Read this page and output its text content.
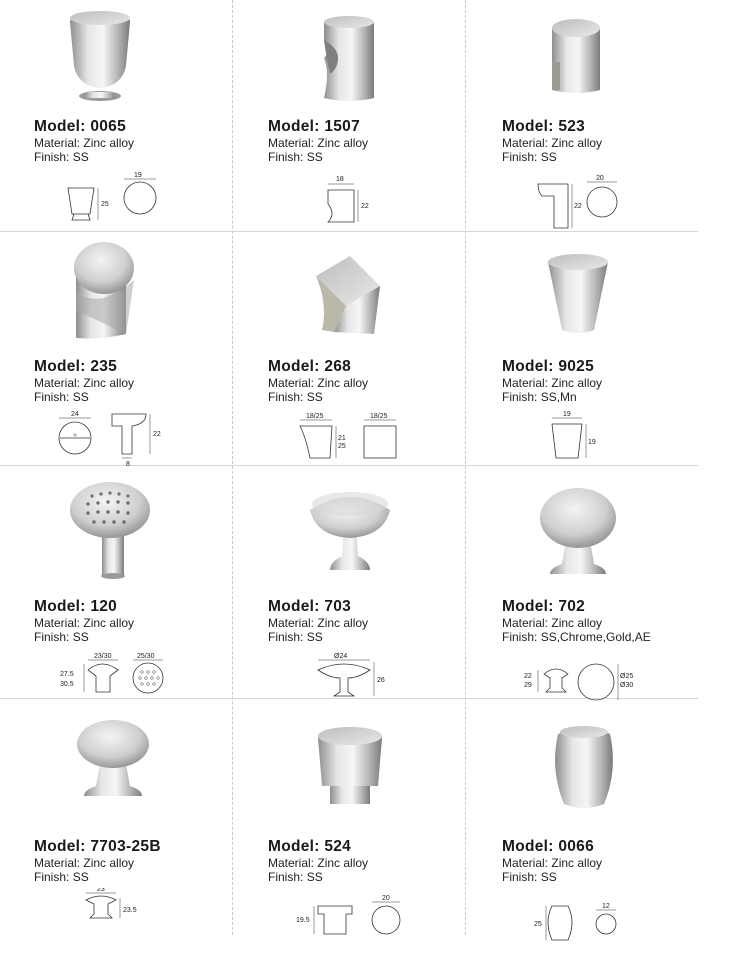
Model: 0065
Material: Zinc alloy
Finish: SS
25
19
Model: 1507
Material: Zinc alloy
Finish: SS
18
22
Model: 523
Material: Zinc alloy
Finish: SS
22
20
Model: 235
Material: Zinc alloy
Finish: SS
24
22
8
Model: 268
Material: Zinc alloy
Finish: SS
18/25
21
25
18/25
Model: 9025
Material: Zinc alloy
Finish: SS,Mn
19
19
Model: 120
Material: Zinc alloy
Finish: SS
23/30
27.5
30.5
25/30
Model: 703
Material: Zinc alloy
Finish: SS
Ø24
26
Model: 702
Material: Zinc alloy
Finish: SS,Chrome,Gold,AE
22
29
Ø25
Ø30
Model: 7703-25B
Material: Zinc alloy
Finish: SS
23
23.5
Model: 524
Material: Zinc alloy
Finish: SS
19.5
20
Model: 0066
Material: Zinc alloy
Finish: SS
25
12
